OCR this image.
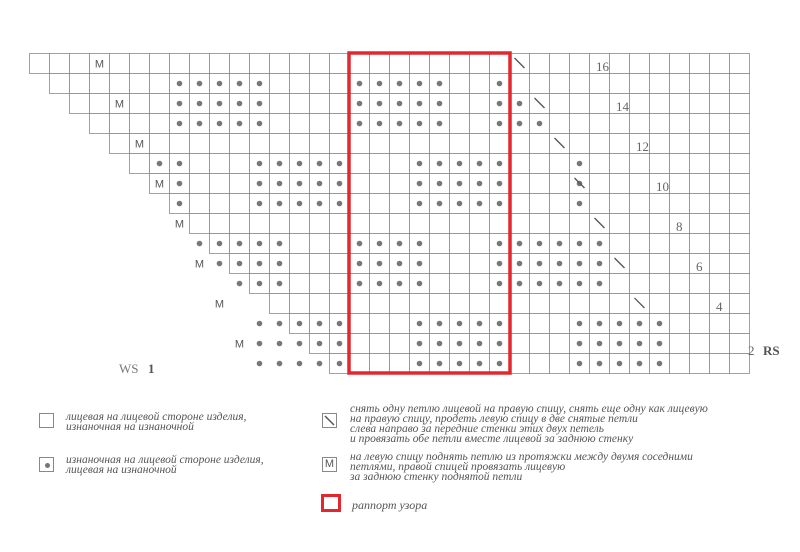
M
M
M
M
M
M
M
M	16
14
12
10
8
6
4
2 RS
WS 1
лицевая на лицевой стороне изделия,
изнаночная на изнаночной
изнаночная на лицевой стороне изделия,
лицевая на изнаночной
снять одну петлю лицевой на правую спицу, снять еще одну как лицевую
на правую спицу, продеть левую спицу в две снятые петли
слева направо за передние стенки этих двух петель
и провязать обе петли вместе лицевой за заднюю стенку
M
на левую спицу поднять петлю из протяжки между двумя соседними
петлями, правой спицей провязать лицевую
за заднюю стенку поднятой петли
раппорт узора
